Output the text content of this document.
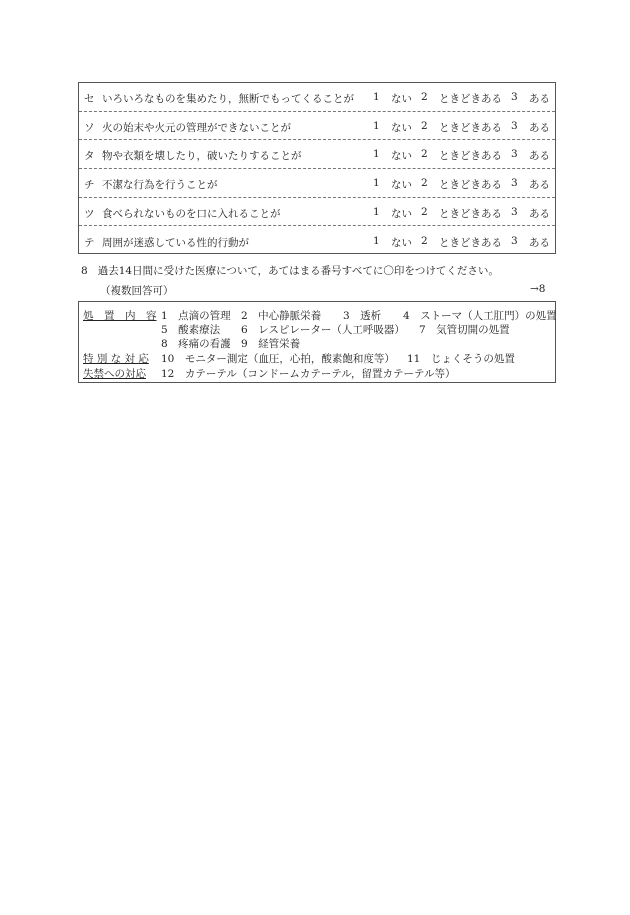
セ いろいろなものを集めたり，無断でもってくることが 1 ない 2 ときどきある 3 ある
ソ 火の始末や火元の管理ができないことが	1 ない 2 ときどきある 3 ある
タ 物や衣類を壊したり，破いたりすることが	1 ない 2 ときどきある 3 ある
チ 不潔な行為を行うことが	1 ない 2 ときどきある 3 ある
ツ 食べられないものを口に入れることが	1 ない 2 ときどきある 3 ある
テ 周囲が迷惑している性的行動が	1 ない 2 ときどきある 3 ある
8 過去14日間に受けた医療について，あてはまる番号すべてに〇印をつけてください。
（複数回答可）	→8
処　置　内　容 1　点滴の管理 2　中心静脈栄養 3　透析 4　ストーマ（人工肛門）の処置
5　酸素療法 6　レスピレーター（人工呼吸器） 7　気管切開の処置
8　疼痛の看護 9　経管栄養
特 別 な 対 応 10　モニター測定（血圧，心拍，酸素飽和度等） 11　じょくそうの処置
失禁への対応 12　カテーテル（コンドームカテーテル，留置カテーテル等）
